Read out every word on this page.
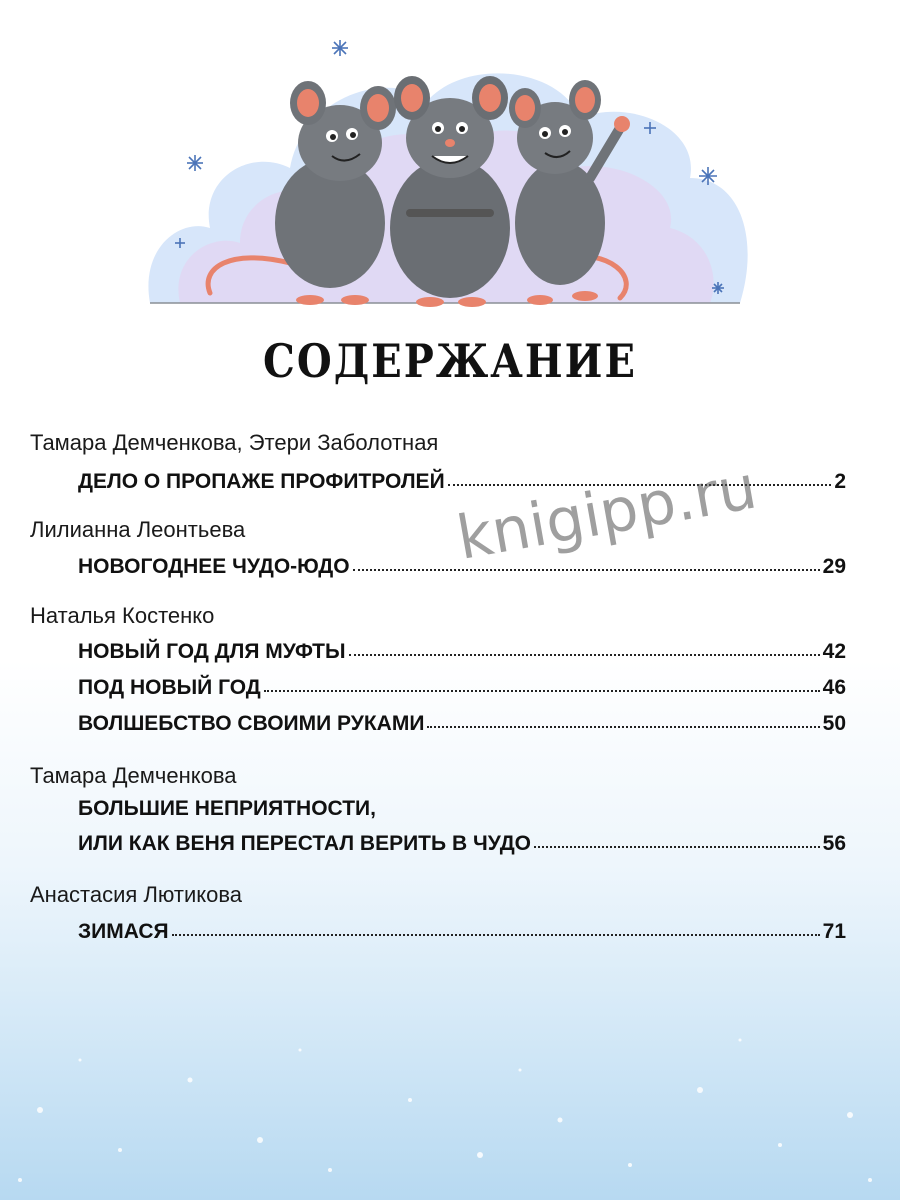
СОДЕРЖАНИЕ
Тамара Демченкова, Этери Заболотная
ДЕЛО О ПРОПАЖЕ ПРОФИТРОЛЕЙ	2
Лилианна Леонтьева
НОВОГОДНЕЕ ЧУДО-ЮДО	29
Наталья Костенко
НОВЫЙ ГОД ДЛЯ МУФТЫ	42
ПОД НОВЫЙ ГОД	46
ВОЛШЕБСТВО СВОИМИ РУКАМИ	50
Тамара Демченкова
БОЛЬШИЕ НЕПРИЯТНОСТИ,
ИЛИ КАК ВЕНЯ ПЕРЕСТАЛ ВЕРИТЬ В ЧУДО	56
Анастасия Лютикова
ЗИМАСЯ	71
knigipp.ru
